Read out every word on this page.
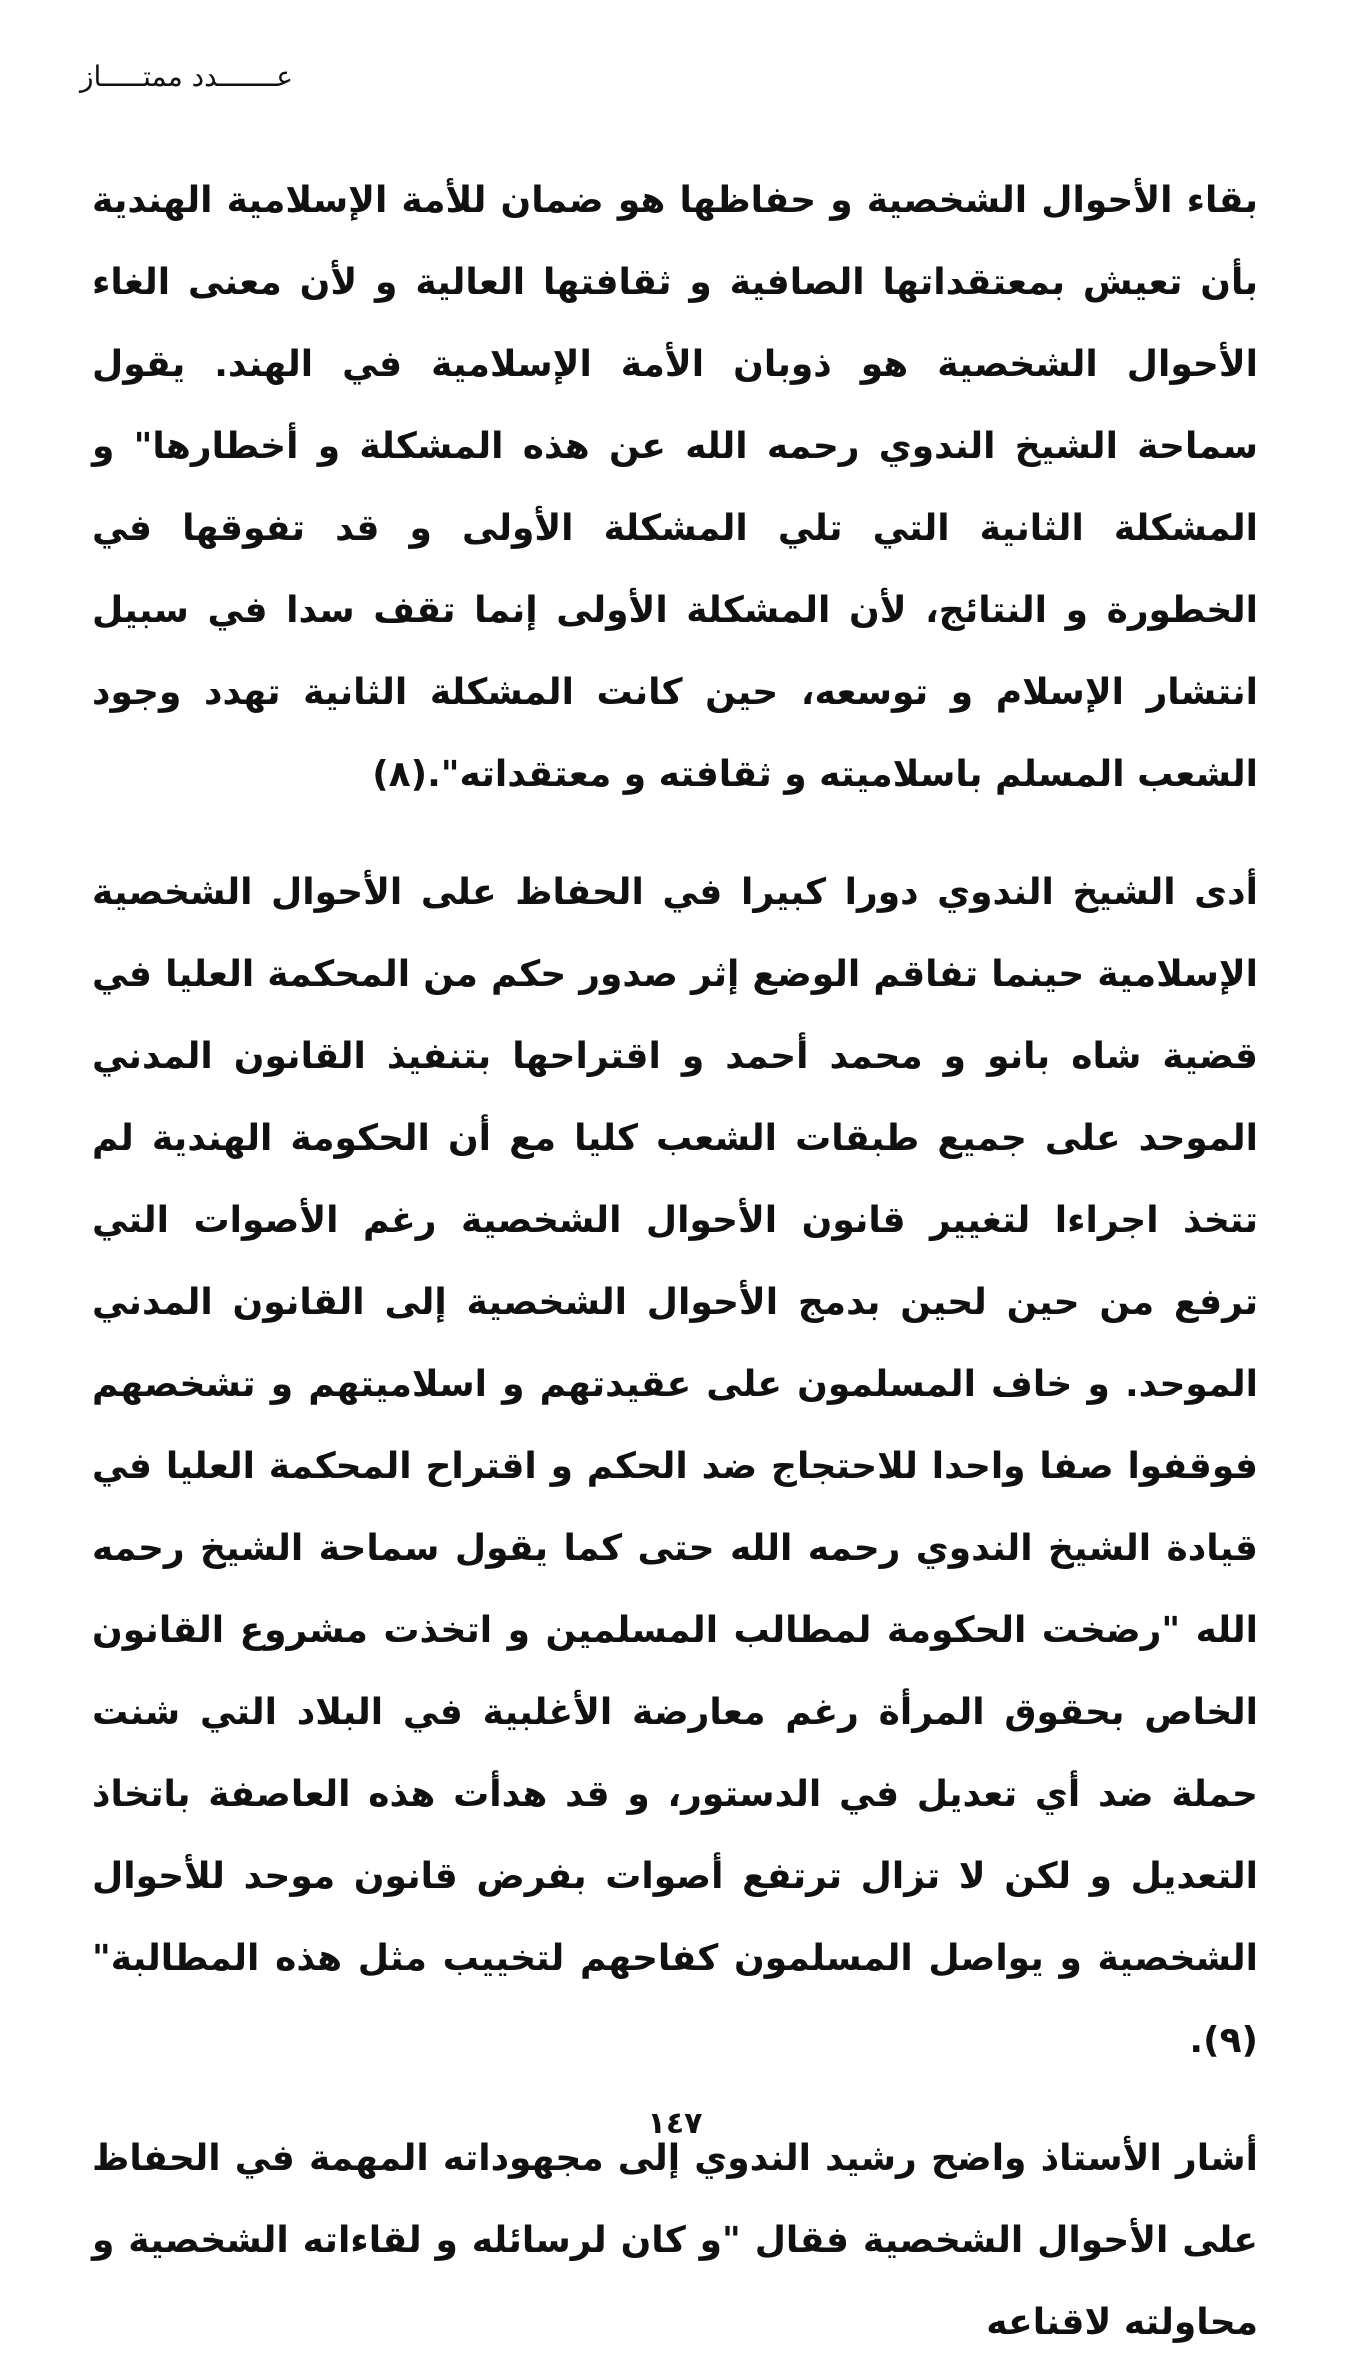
عـــــــدد ممتـــــاز

بقاء الأحوال الشخصية و حفاظها هو ضمان للأمة الإسلامية الهندية بأن تعيش بمعتقداتها الصافية و ثقافتها العالية و لأن معنى الغاء الأحوال الشخصية هو ذوبان الأمة الإسلامية في الهند. يقول سماحة الشيخ الندوي رحمه الله عن هذه المشكلة و أخطارها" و المشكلة الثانية التي تلي المشكلة الأولى و قد تفوقها في الخطورة و النتائج، لأن المشكلة الأولى إنما تقف سدا في سبيل انتشار الإسلام و توسعه، حين كانت المشكلة الثانية تهدد وجود الشعب المسلم باسلاميته و ثقافته و معتقداته".(٨)

أدى الشيخ الندوي دورا كبيرا في الحفاظ على الأحوال الشخصية الإسلامية حينما تفاقم الوضع إثر صدور حكم من المحكمة العليا في قضية شاه بانو و محمد أحمد و اقتراحها بتنفيذ القانون المدني الموحد على جميع طبقات الشعب كليا مع أن الحكومة الهندية لم تتخذ اجراءا لتغيير قانون الأحوال الشخصية رغم الأصوات التي ترفع من حين لحين بدمج الأحوال الشخصية إلى القانون المدني الموحد. و خاف المسلمون على عقيدتهم و اسلاميتهم و تشخصهم فوقفوا صفا واحدا للاحتجاج ضد الحكم و اقتراح المحكمة العليا في قيادة الشيخ الندوي رحمه الله حتى كما يقول سماحة الشيخ رحمه الله "رضخت الحكومة لمطالب المسلمين و اتخذت مشروع القانون الخاص بحقوق المرأة رغم معارضة الأغلبية في البلاد التي شنت حملة ضد أي تعديل في الدستور، و قد هدأت هذه العاصفة باتخاذ التعديل و لكن لا تزال ترتفع أصوات بفرض قانون موحد للأحوال الشخصية و يواصل المسلمون كفاحهم لتخييب مثل هذه المطالبة"(٩).

أشار الأستاذ واضح رشيد الندوي إلى مجهوداته المهمة في الحفاظ على الأحوال الشخصية فقال "و كان لرسائله و لقاءاته الشخصية و محاولته لاقناعه

١٤٧
